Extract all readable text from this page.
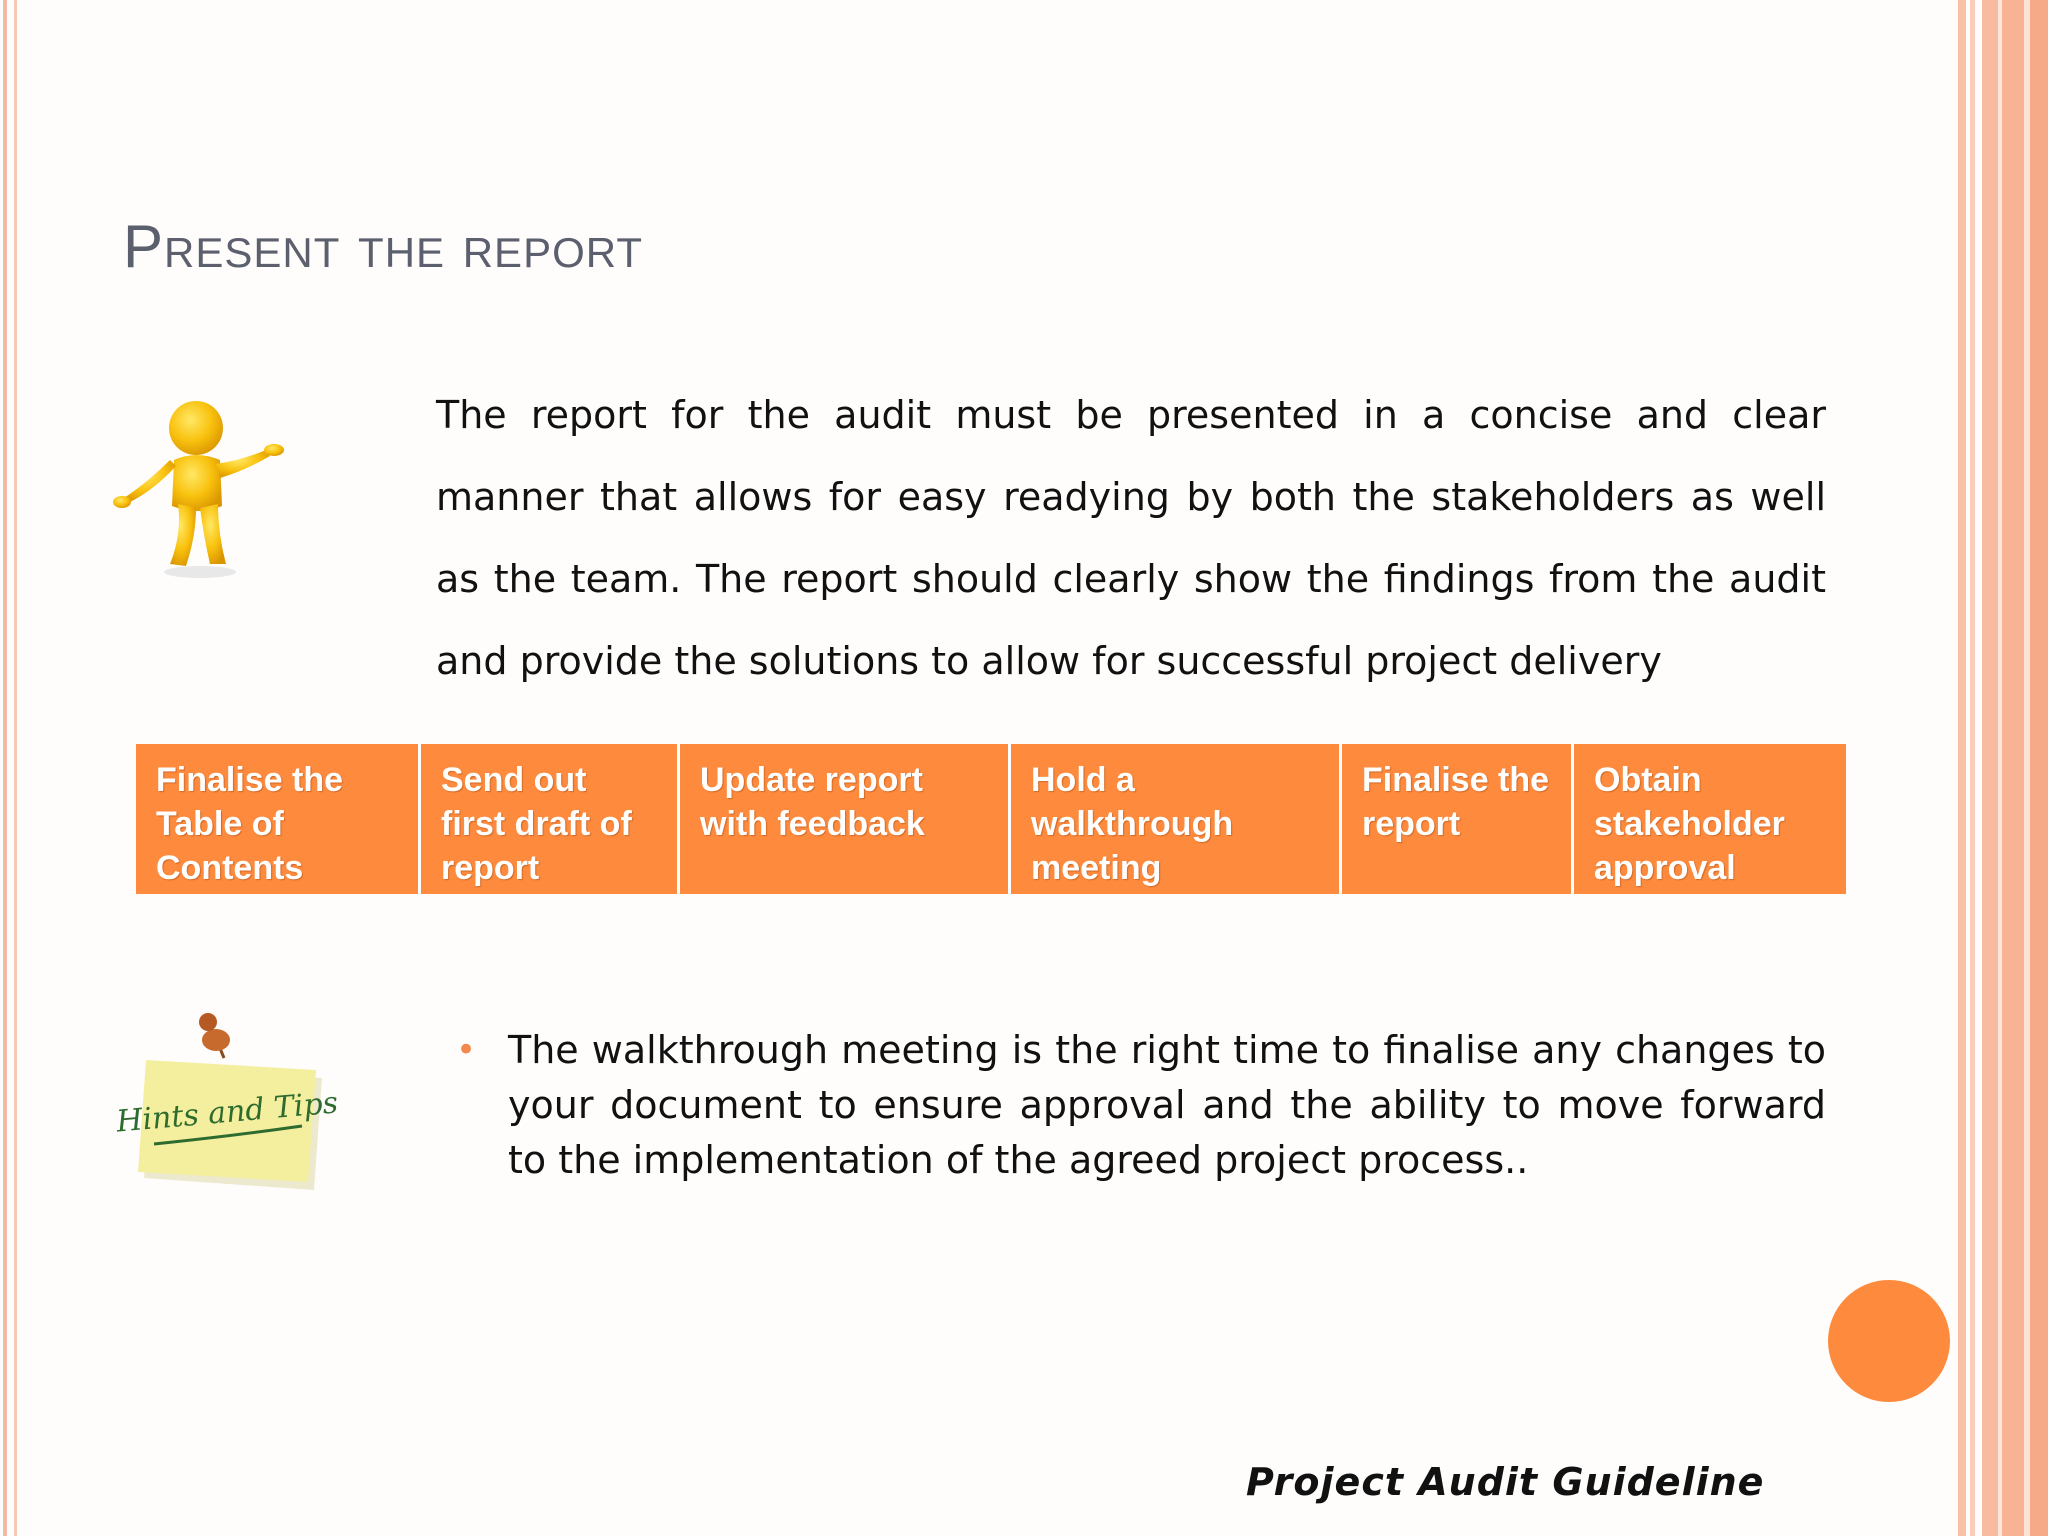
Present the report

The report for the audit must be presented in a concise and clear manner that allows for easy readying by both the stakeholders as well as the team. The report should clearly show the findings from the audit and provide the solutions to allow for successful project delivery

Finalise the Table of Contents
Send out first draft of report
Update report with feedback
Hold a walkthrough meeting
Finalise the report
Obtain stakeholder approval
Hints and Tips
• The walkthrough meeting is the right time to finalise any changes to your document to ensure approval and the ability to move forward to the implementation of the agreed project process..

Project Audit Guideline
